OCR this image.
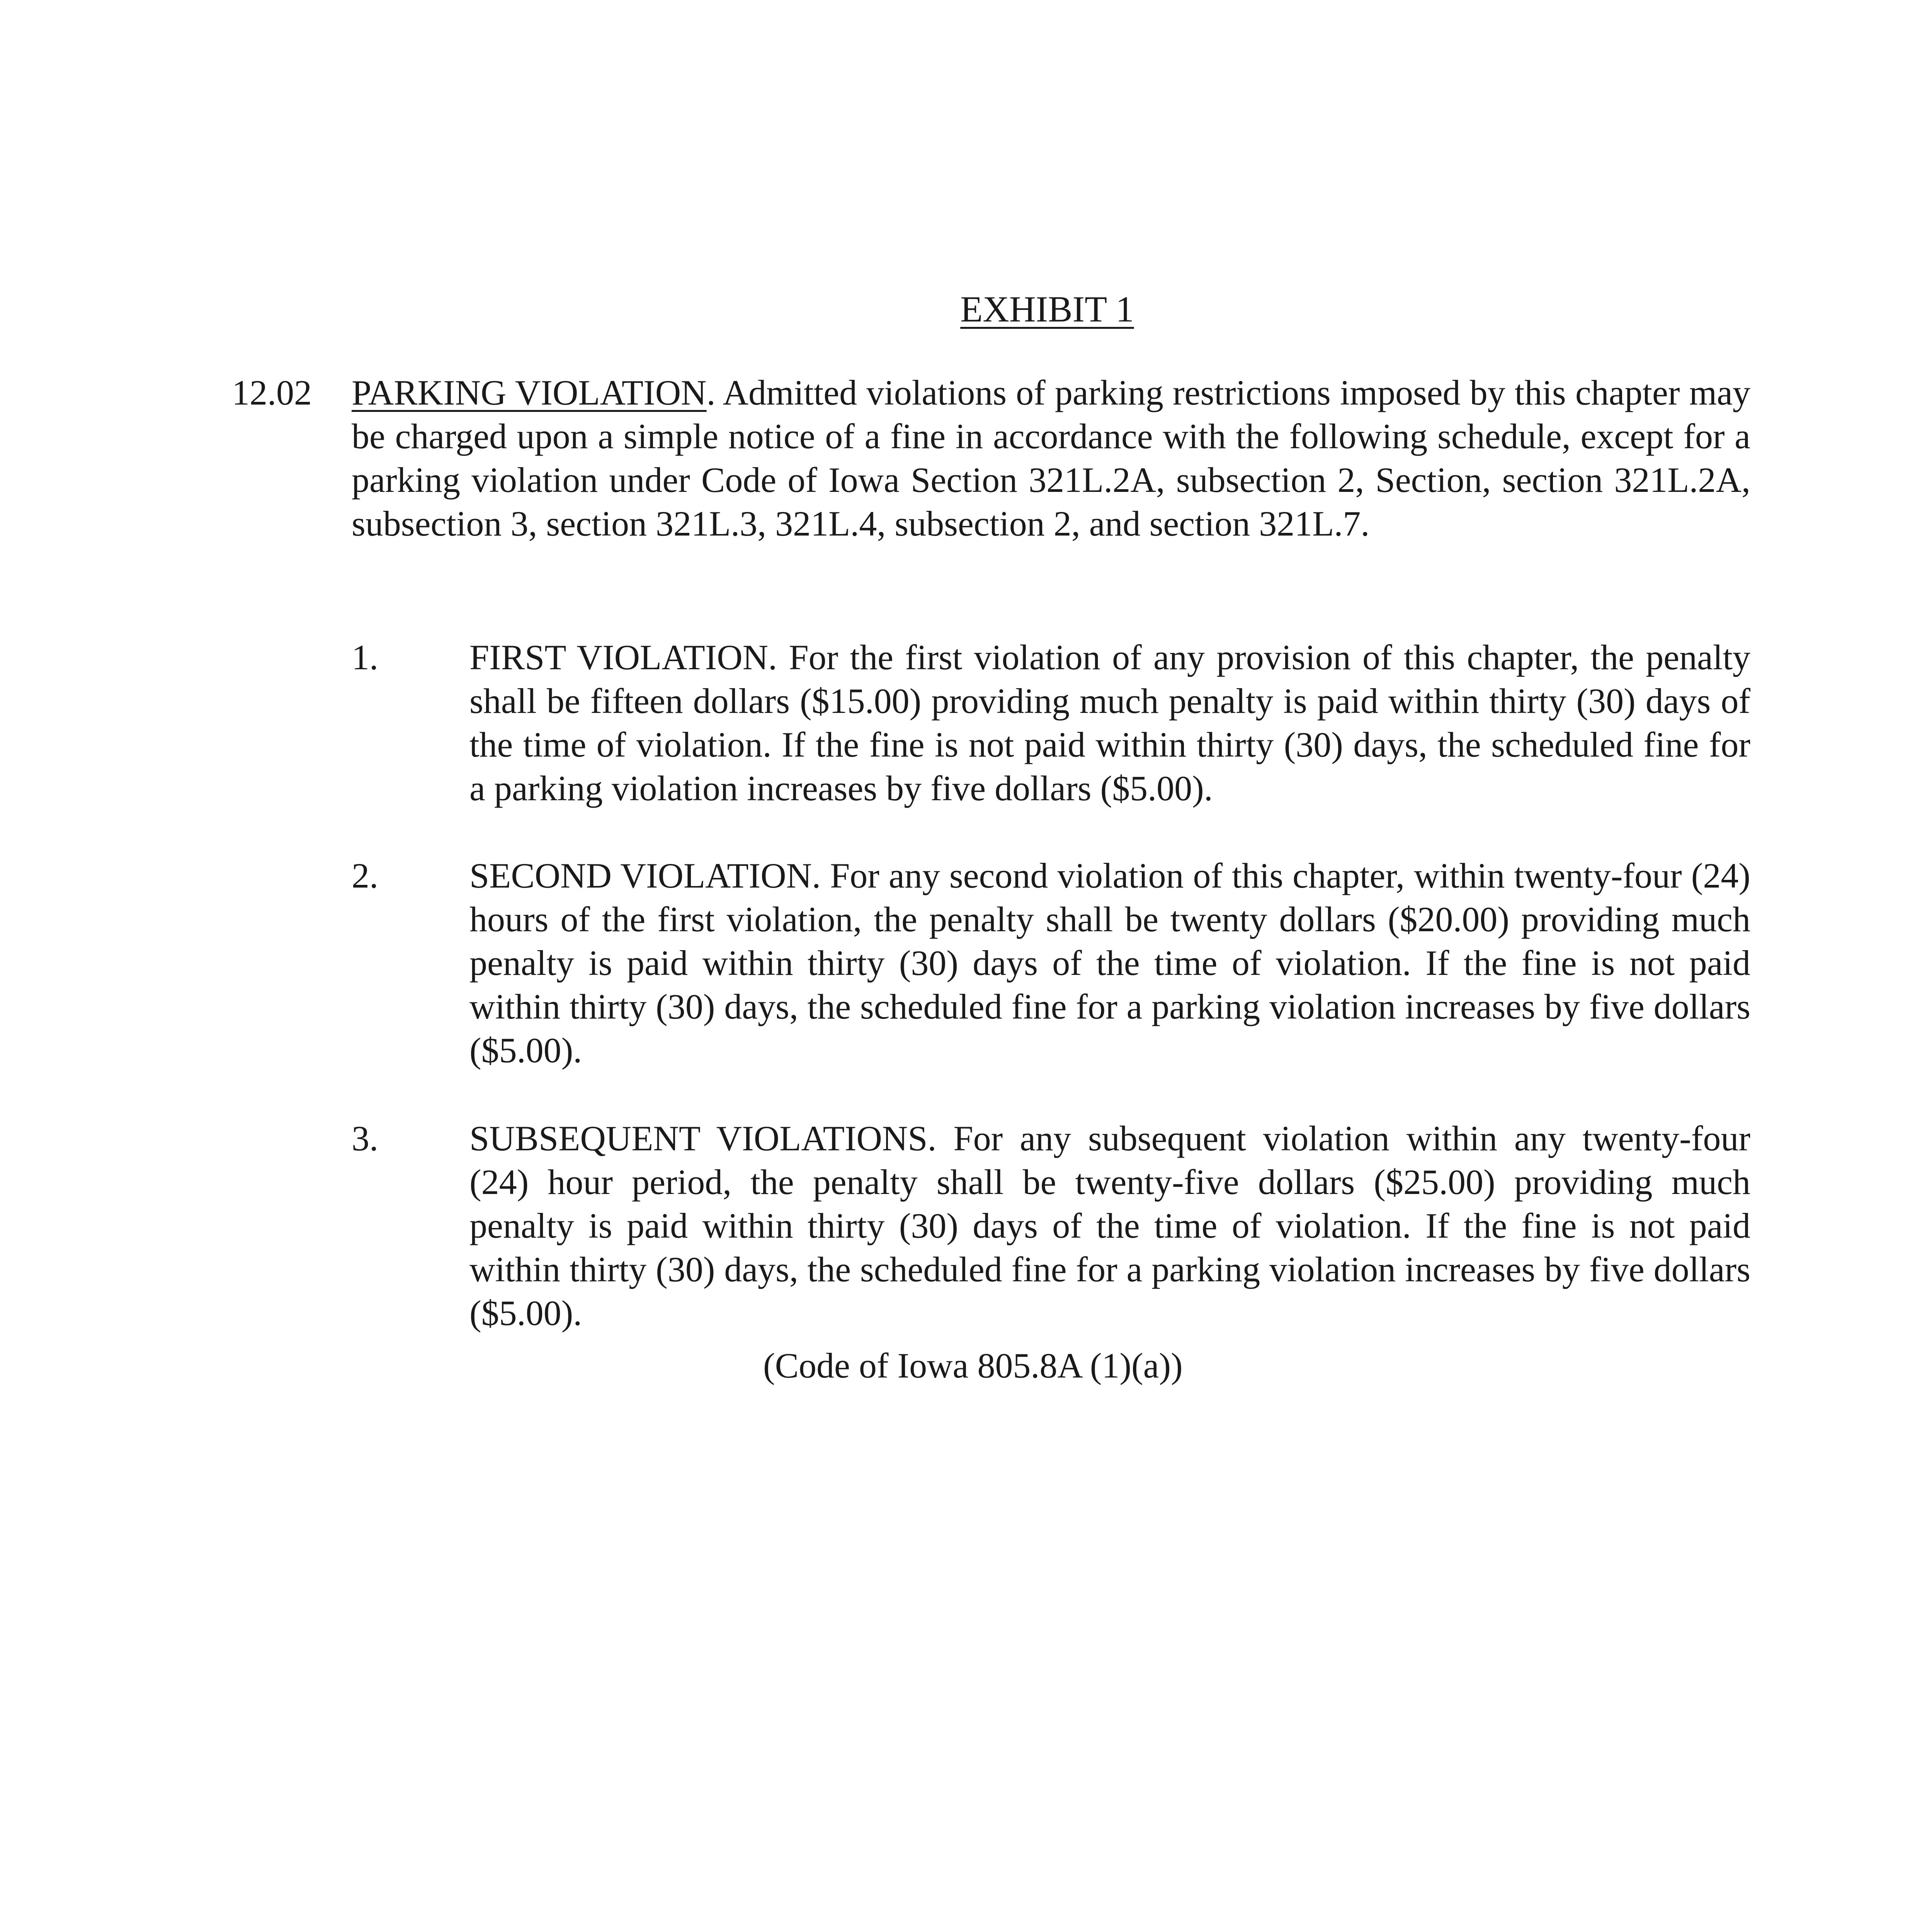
EXHIBIT 1
12.02	PARKING VIOLATION. Admitted violations of parking restrictions imposed by this chapter may be charged upon a simple notice of a fine in accordance with the following schedule, except for a parking violation under Code of Iowa Section 321L.2A, subsection 2, Section, section 321L.2A, subsection 3, section 321L.3, 321L.4, subsection 2, and section 321L.7.
1.	FIRST VIOLATION. For the first violation of any provision of this chapter, the penalty shall be fifteen dollars ($15.00) providing much penalty is paid within thirty (30) days of the time of violation. If the fine is not paid within thirty (30) days, the scheduled fine for a parking violation increases by five dollars ($5.00).
2.	SECOND VIOLATION. For any second violation of this chapter, within twenty-four (24) hours of the first violation, the penalty shall be twenty dollars ($20.00) providing much penalty is paid within thirty (30) days of the time of violation. If the fine is not paid within thirty (30) days, the scheduled fine for a parking violation increases by five dollars ($5.00).
3.	SUBSEQUENT VIOLATIONS. For any subsequent violation within any twenty-four (24) hour period, the penalty shall be twenty-five dollars ($25.00) providing much penalty is paid within thirty (30) days of the time of violation. If the fine is not paid within thirty (30) days, the scheduled fine for a parking violation increases by five dollars ($5.00).
(Code of Iowa 805.8A (1)(a))
